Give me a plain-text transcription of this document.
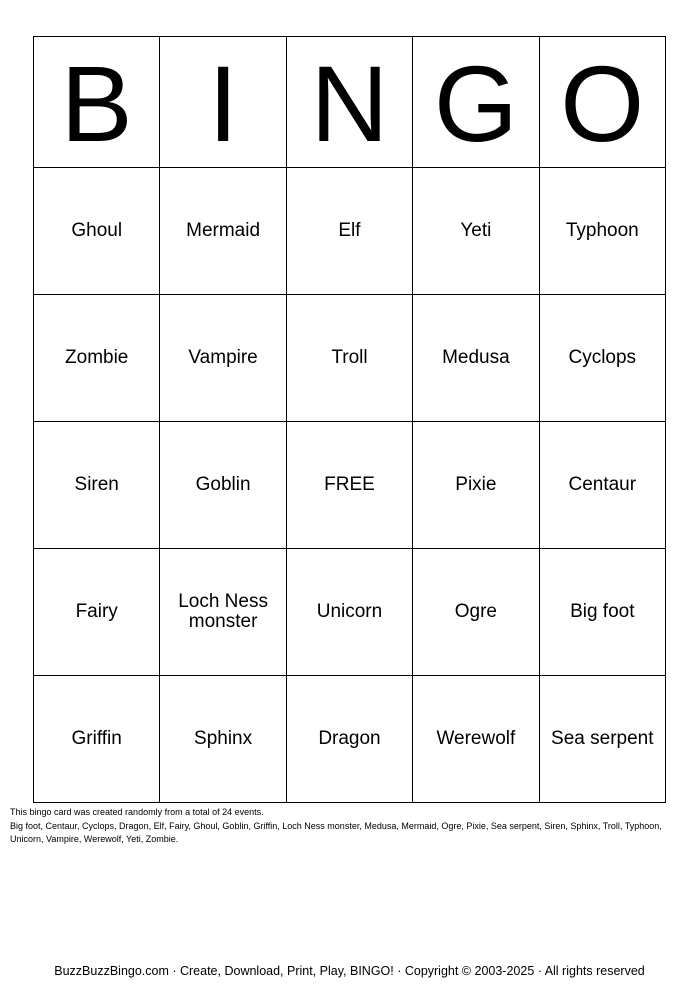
B	I	N	G	O
Ghoul	Mermaid	Elf	Yeti	Typhoon
Zombie	Vampire	Troll	Medusa	Cyclops
Siren	Goblin	FREE	Pixie	Centaur
Fairy	Loch Ness monster	Unicorn	Ogre	Big foot
Griffin	Sphinx	Dragon	Werewolf	Sea serpent

This bingo card was created randomly from a total of 24 events.

Big foot, Centaur, Cyclops, Dragon, Elf, Fairy, Ghoul, Goblin, Griffin, Loch Ness monster, Medusa, Mermaid, Ogre, Pixie, Sea serpent, Siren, Sphinx, Troll, Typhoon, Unicorn, Vampire, Werewolf, Yeti, Zombie.

BuzzBuzzBingo.com · Create, Download, Print, Play, BINGO! · Copyright © 2003-2025 · All rights reserved
